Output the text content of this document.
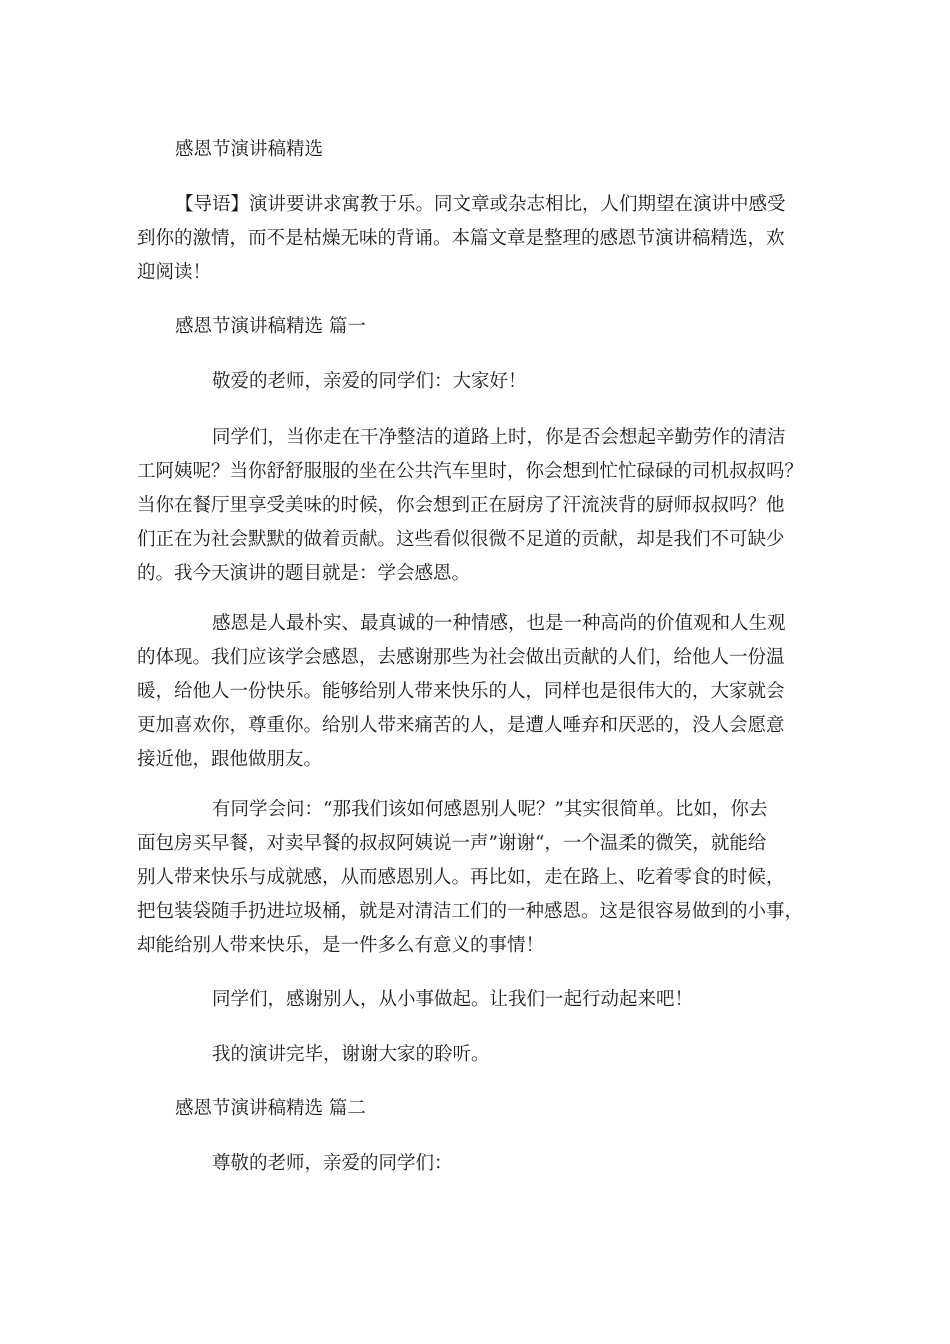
感恩节演讲稿精选
【导语】演讲要讲求寓教于乐。同文章或杂志相比，人们期望在演讲中感受
到你的激情，而不是枯燥无味的背诵。本篇文章是整理的感恩节演讲稿精选，欢
迎阅读！
感恩节演讲稿精选 篇一
敬爱的老师，亲爱的同学们：大家好！
同学们，当你走在干净整洁的道路上时，你是否会想起辛勤劳作的清洁
工阿姨呢？当你舒舒服服的坐在公共汽车里时，你会想到忙忙碌碌的司机叔叔吗？
当你在餐厅里享受美味的时候，你会想到正在厨房了汗流浃背的厨师叔叔吗？他
们正在为社会默默的做着贡献。这些看似很微不足道的贡献，却是我们不可缺少
的。我今天演讲的题目就是：学会感恩。
感恩是人最朴实、最真诚的一种情感，也是一种高尚的价值观和人生观
的体现。我们应该学会感恩，去感谢那些为社会做出贡献的人们，给他人一份温
暖，给他人一份快乐。能够给别人带来快乐的人，同样也是很伟大的，大家就会
更加喜欢你，尊重你。给别人带来痛苦的人，是遭人唾弃和厌恶的，没人会愿意
接近他，跟他做朋友。
有同学会问：“那我们该如何感恩别人呢？”其实很简单。比如，你去
面包房买早餐，对卖早餐的叔叔阿姨说一声”谢谢“，一个温柔的微笑，就能给
别人带来快乐与成就感，从而感恩别人。再比如，走在路上、吃着零食的时候，
把包装袋随手扔进垃圾桶，就是对清洁工们的一种感恩。这是很容易做到的小事，
却能给别人带来快乐，是一件多么有意义的事情！
同学们，感谢别人，从小事做起。让我们一起行动起来吧！
我的演讲完毕，谢谢大家的聆听。
感恩节演讲稿精选 篇二
尊敬的老师，亲爱的同学们：
